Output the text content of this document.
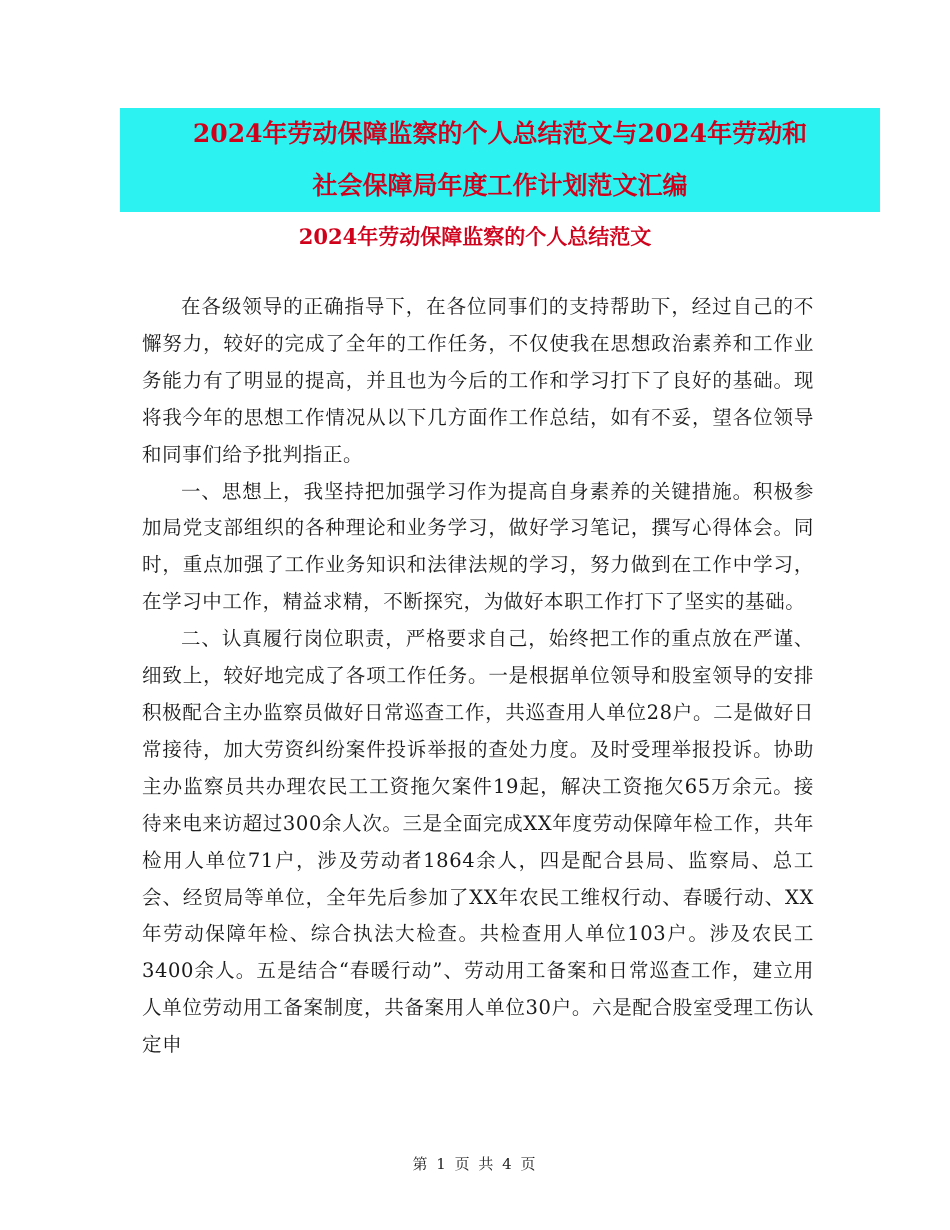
2024年劳动保障监察的个人总结范文与2024年劳动和
社会保障局年度工作计划范文汇编
2024年劳动保障监察的个人总结范文

在各级领导的正确指导下，在各位同事们的支持帮助下，经过自己的不懈努力，较好的完成了全年的工作任务，不仅使我在思想政治素养和工作业务能力有了明显的提高，并且也为今后的工作和学习打下了良好的基础。现将我今年的思想工作情况从以下几方面作工作总结，如有不妥，望各位领导和同事们给予批判指正。

一、思想上，我坚持把加强学习作为提高自身素养的关键措施。积极参加局党支部组织的各种理论和业务学习，做好学习笔记，撰写心得体会。同时，重点加强了工作业务知识和法律法规的学习，努力做到在工作中学习，在学习中工作，精益求精，不断探究，为做好本职工作打下了坚实的基础。

二、认真履行岗位职责，严格要求自己，始终把工作的重点放在严谨、细致上，较好地完成了各项工作任务。一是根据单位领导和股室领导的安排积极配合主办监察员做好日常巡查工作，共巡查用人单位28户。二是做好日常接待，加大劳资纠纷案件投诉举报的查处力度。及时受理举报投诉。协助主办监察员共办理农民工工资拖欠案件19起，解决工资拖欠65万余元。接待来电来访超过300余人次。三是全面完成XX年度劳动保障年检工作，共年检用人单位71户，涉及劳动者1864余人，四是配合县局、监察局、总工会、经贸局等单位，全年先后参加了XX年农民工维权行动、春暖行动、XX年劳动保障年检、综合执法大检查。共检查用人单位103户。涉及农民工3400余人。五是结合“春暖行动”、劳动用工备案和日常巡查工作，建立用人单位劳动用工备案制度，共备案用人单位30户。六是配合股室受理工伤认定申

第 1 页 共 4 页
